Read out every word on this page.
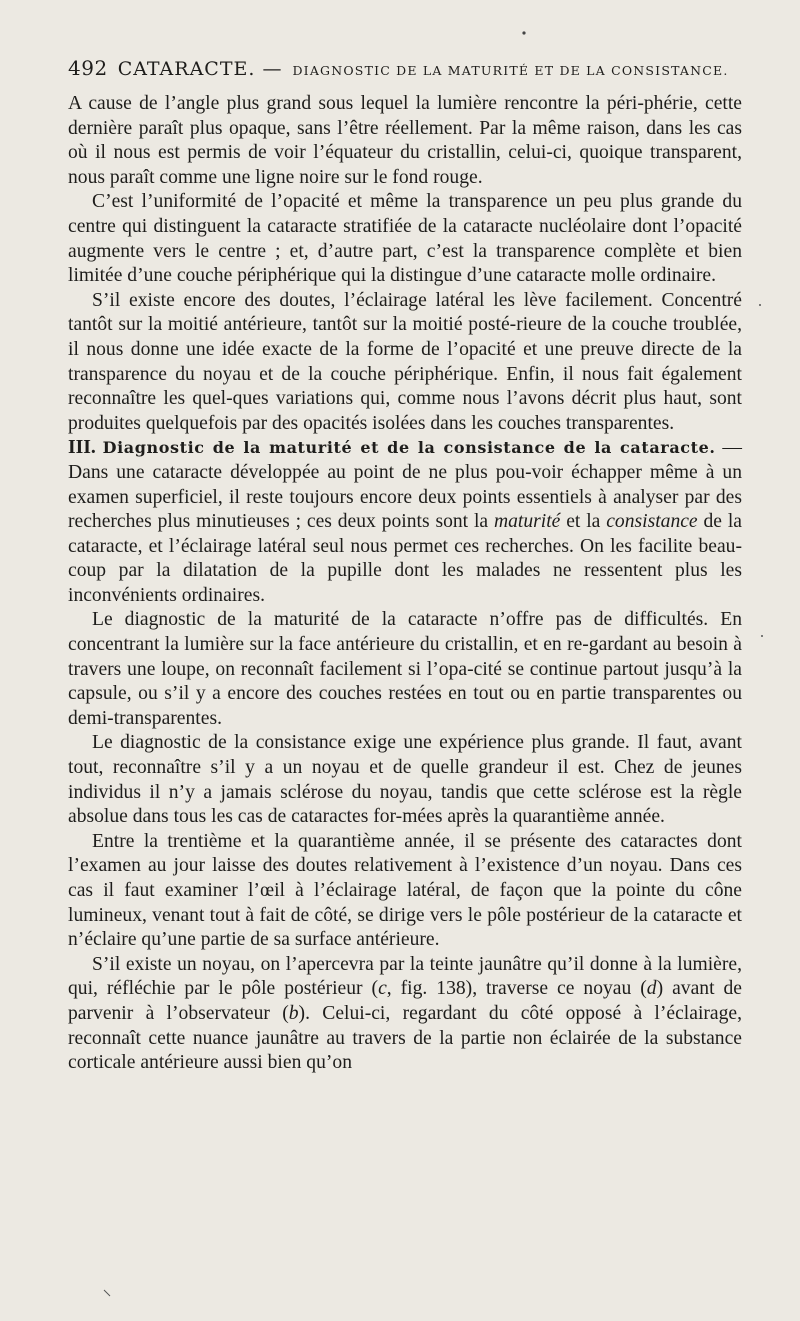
492 CATARACTE. — DIAGNOSTIC DE LA MATURITÉ ET DE LA CONSISTANCE.

A cause de l’angle plus grand sous lequel la lumière rencontre la péri-phérie, cette dernière paraît plus opaque, sans l’être réellement. Par la même raison, dans les cas où il nous est permis de voir l’équateur du cristallin, celui-ci, quoique transparent, nous paraît comme une ligne noire sur le fond rouge.

C’est l’uniformité de l’opacité et même la transparence un peu plus grande du centre qui distinguent la cataracte stratifiée de la cataracte nucléolaire dont l’opacité augmente vers le centre ; et, d’autre part, c’est la transparence complète et bien limitée d’une couche périphérique qui la distingue d’une cataracte molle ordinaire.

S’il existe encore des doutes, l’éclairage latéral les lève facilement. Concentré tantôt sur la moitié antérieure, tantôt sur la moitié posté-rieure de la couche troublée, il nous donne une idée exacte de la forme de l’opacité et une preuve directe de la transparence du noyau et de la couche périphérique. Enfin, il nous fait également reconnaître les quel-ques variations qui, comme nous l’avons décrit plus haut, sont produites quelquefois par des opacités isolées dans les couches transparentes.

III. Diagnostic de la maturité et de la consistance de la cataracte. — Dans une cataracte développée au point de ne plus pou-voir échapper même à un examen superficiel, il reste toujours encore deux points essentiels à analyser par des recherches plus minutieuses ; ces deux points sont la maturité et la consistance de la cataracte, et l’éclairage latéral seul nous permet ces recherches. On les facilite beau-coup par la dilatation de la pupille dont les malades ne ressentent plus les inconvénients ordinaires.

Le diagnostic de la maturité de la cataracte n’offre pas de difficultés. En concentrant la lumière sur la face antérieure du cristallin, et en re-gardant au besoin à travers une loupe, on reconnaît facilement si l’opa-cité se continue partout jusqu’à la capsule, ou s’il y a encore des couches restées en tout ou en partie transparentes ou demi-transparentes.

Le diagnostic de la consistance exige une expérience plus grande. Il faut, avant tout, reconnaître s’il y a un noyau et de quelle grandeur il est. Chez de jeunes individus il n’y a jamais sclérose du noyau, tandis que cette sclérose est la règle absolue dans tous les cas de cataractes for-mées après la quarantième année.

Entre la trentième et la quarantième année, il se présente des cataractes dont l’examen au jour laisse des doutes relativement à l’existence d’un noyau. Dans ces cas il faut examiner l’œil à l’éclairage latéral, de façon que la pointe du cône lumineux, venant tout à fait de côté, se dirige vers le pôle postérieur de la cataracte et n’éclaire qu’une partie de sa surface antérieure.

S’il existe un noyau, on l’apercevra par la teinte jaunâtre qu’il donne à la lumière, qui, réfléchie par le pôle postérieur (c, fig. 138), traverse ce noyau (d) avant de parvenir à l’observateur (b). Celui-ci, regardant du côté opposé à l’éclairage, reconnaît cette nuance jaunâtre au travers de la partie non éclairée de la substance corticale antérieure aussi bien qu’on
